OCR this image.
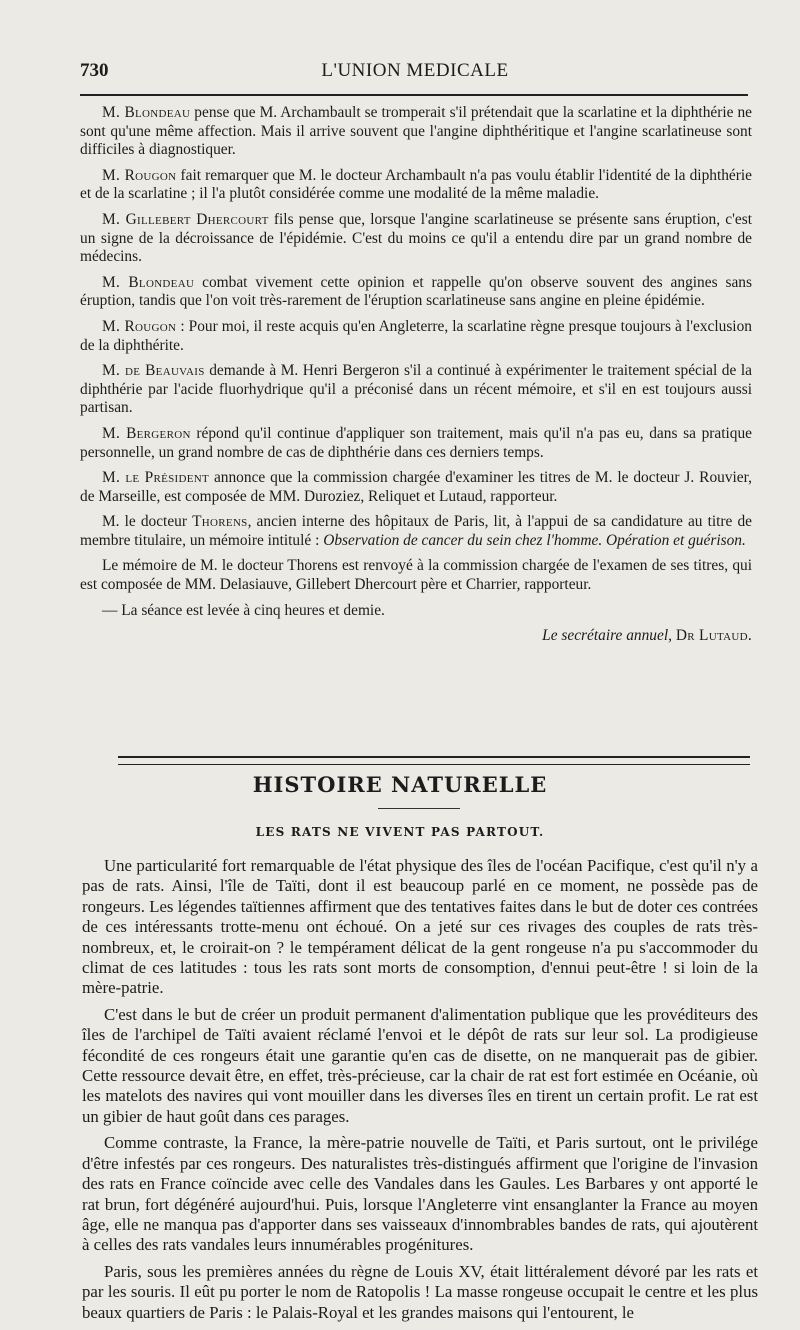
730	L'UNION MEDICALE

M. Blondeau pense que M. Archambault se tromperait s'il prétendait que la scarlatine et la diphthérie ne sont qu'une même affection. Mais il arrive souvent que l'angine diphthéritique et l'angine scarlatineuse sont difficiles à diagnostiquer.

M. Rougon fait remarquer que M. le docteur Archambault n'a pas voulu établir l'identité de la diphthérie et de la scarlatine ; il l'a plutôt considérée comme une modalité de la même maladie.

M. Gillebert Dhercourt fils pense que, lorsque l'angine scarlatineuse se présente sans éruption, c'est un signe de la décroissance de l'épidémie. C'est du moins ce qu'il a entendu dire par un grand nombre de médecins.

M. Blondeau combat vivement cette opinion et rappelle qu'on observe souvent des angines sans éruption, tandis que l'on voit très-rarement de l'éruption scarlatineuse sans angine en pleine épidémie.

M. Rougon : Pour moi, il reste acquis qu'en Angleterre, la scarlatine règne presque toujours à l'exclusion de la diphthérite.

M. de Beauvais demande à M. Henri Bergeron s'il a continué à expérimenter le traitement spécial de la diphthérie par l'acide fluorhydrique qu'il a préconisé dans un récent mémoire, et s'il en est toujours aussi partisan.

M. Bergeron répond qu'il continue d'appliquer son traitement, mais qu'il n'a pas eu, dans sa pratique personnelle, un grand nombre de cas de diphthérie dans ces derniers temps.

M. le Président annonce que la commission chargée d'examiner les titres de M. le docteur J. Rouvier, de Marseille, est composée de MM. Duroziez, Reliquet et Lutaud, rapporteur.

M. le docteur Thorens, ancien interne des hôpitaux de Paris, lit, à l'appui de sa candidature au titre de membre titulaire, un mémoire intitulé : Observation de cancer du sein chez l'homme. Opération et guérison.

Le mémoire de M. le docteur Thorens est renvoyé à la commission chargée de l'examen de ses titres, qui est composée de MM. Delasiauve, Gillebert Dhercourt père et Charrier, rapporteur.

— La séance est levée à cinq heures et demie.

Le secrétaire annuel, Dr Lutaud.

HISTOIRE NATURELLE
LES RATS NE VIVENT PAS PARTOUT.

Une particularité fort remarquable de l'état physique des îles de l'océan Pacifique, c'est qu'il n'y a pas de rats. Ainsi, l'île de Taïti, dont il est beaucoup parlé en ce moment, ne possède pas de rongeurs. Les légendes taïtiennes affirment que des tentatives faites dans le but de doter ces contrées de ces intéressants trotte-menu ont échoué. On a jeté sur ces rivages des couples de rats très-nombreux, et, le croirait-on ? le tempérament délicat de la gent rongeuse n'a pu s'accommoder du climat de ces latitudes : tous les rats sont morts de consomption, d'ennui peut-être ! si loin de la mère-patrie.

C'est dans le but de créer un produit permanent d'alimentation publique que les provéditeurs des îles de l'archipel de Taïti avaient réclamé l'envoi et le dépôt de rats sur leur sol. La prodigieuse fécondité de ces rongeurs était une garantie qu'en cas de disette, on ne manquerait pas de gibier. Cette ressource devait être, en effet, très-précieuse, car la chair de rat est fort estimée en Océanie, où les matelots des navires qui vont mouiller dans les diverses îles en tirent un certain profit. Le rat est un gibier de haut goût dans ces parages.

Comme contraste, la France, la mère-patrie nouvelle de Taïti, et Paris surtout, ont le privilége d'être infestés par ces rongeurs. Des naturalistes très-distingués affirment que l'origine de l'invasion des rats en France coïncide avec celle des Vandales dans les Gaules. Les Barbares y ont apporté le rat brun, fort dégénéré aujourd'hui. Puis, lorsque l'Angleterre vint ensanglanter la France au moyen âge, elle ne manqua pas d'apporter dans ses vaisseaux d'innombrables bandes de rats, qui ajoutèrent à celles des rats vandales leurs innumérables progénitures.

Paris, sous les premières années du règne de Louis XV, était littéralement dévoré par les rats et par les souris. Il eût pu porter le nom de Ratopolis ! La masse rongeuse occupait le centre et les plus beaux quartiers de Paris : le Palais-Royal et les grandes maisons qui l'entourent, le
